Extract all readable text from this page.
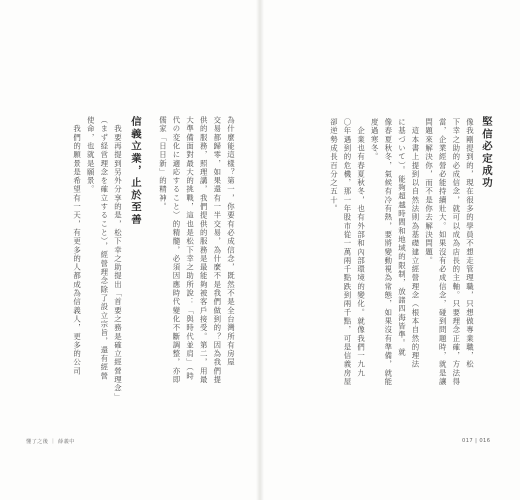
堅信必定成功
像我剛提到的，現在很多的學員不想走管理職，只想做專業職，松
下幸之助的必成信念，就可以成為店長的主軸。只要理念正確，方法得
當，企業經營必能持續壯大。如果沒有必成信念，碰到問題時，就是讓
問題來解決你，而不是你去解決問題。
　這本書上提到以自然法則為基礎建立經營理念（根本自然的理法
に基づいて）。能夠超越時間和地域的限制，放諸四海皆準。就
像春夏秋冬，氣候有冷有熱，要將變動視為常態，如果沒有準備，就能
度過寒冬。
　企業也有春夏秋冬，也有外部和內部環境的變化。就像我們一九九
〇年遇到的危機，那一年股市從一萬兩千點跌到兩千點，可是信義房屋
卻逆勢成長百分之五十。
017 | 016
為什麼能這樣？第一，你要有必成信念，既然不是全台灣所有房屋
交易都歸零，如果還有一半交易，為什麼不是我們做到的？因為我們提
供的服務，照理講，我們提供的服務是最能夠被客戶接受。第二，用最
大準備面對最大的挑戰，這也是松下幸之助所說：「與時代並肩」（時
代の変化に適応すること）的精髓，必須因應時代變化不斷調整，亦即
儒家「日日新」的精神。
信義立業，止於至善
　我要再提到另外分享的是，松下幸之助提出「首要之務是確立經營理念」
（まず経営理念を確立すること），經營理念除了設立宗旨，還有經營
使命，也就是願景。
　我們的願景是希望有一天，有更多的人都成為信義人，更多的公司
懂了之後 ｜ 薛義中
